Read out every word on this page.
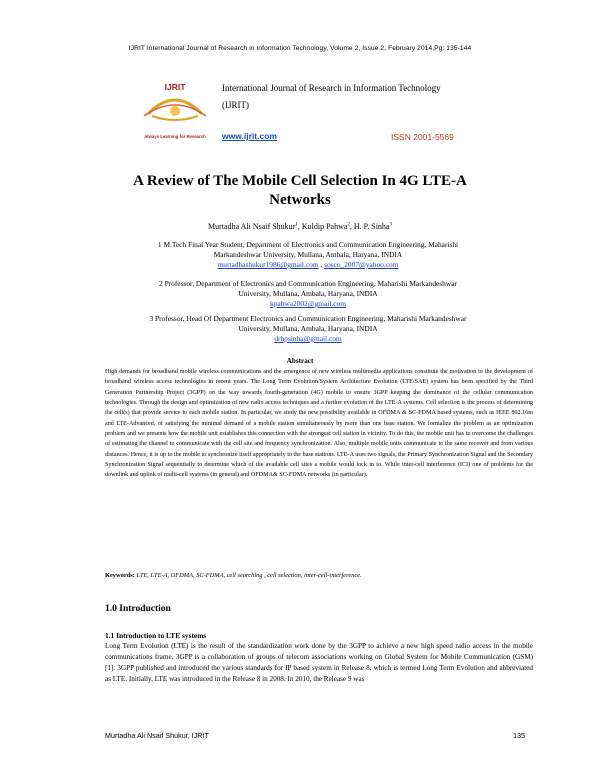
IJRIT International Journal of Research in Information Technology, Volume 2, Issue 2, February 2014,Pg: 135-144
IJRIT
Always Learning for Research
International Journal of Research in Information Technology
(IJRIT)
www.ijrit.com	ISSN 2001-5569
A Review of The Mobile Cell Selection In 4G LTE-A
Networks
Murtadha Ali Nsaif Shukur$^1$, Kuldip Pahwa$^2$, H. P. Sinha$^3$
1 M.Tech Final Year Student, Department of Electronics and Communication Engineering, Maharishi
Markandeshwar University, Mullana, Ambala, Haryana, INDIA
murtadhashukur1986@gmail.com , sosco_2007@yahoo.com
2 Professor, Department of Electronics and Communication Engineering, Maharishi Markandeshwar
University, Mullana, Ambala, Haryana, INDIA
kpahwa2002@gmail.com
3 Professor, Head Of Department Electronics and Communication Engineering, Maharishi Markandeshwar
University, Mullana, Ambala, Haryana, INDIA
drhpsinha@gmail.com
Abstract
High demands for broadband mobile wireless communications and the emergence of new wireless multimedia applications constitute the motivation to the development of broadband wireless access technologies in recent years. The Long Term Evolution/System Architecture Evolution (LTE/SAE) system has been specified by the Third Generation Partnership Project (3GPP) on the way towards fourth-generation (4G) mobile to ensure 3GPP keeping the dominance of the cellular communication technologies. Through the design and optimization of new radio access techniques and a further evolution of the LTE-A systems. Cell selection is the process of determining the cell(s) that provide service to each mobile station. In particular, we study the new possibility available in OFDMA & SC-FDMA based systems, such as IEEE 802.16m and LTE-Advanced, of satisfying the minimal demand of a mobile station simultaneously by more than one base station. We formalize the problem as an optimization problem and we presents how the mobile unit establishes this connection with the strongest cell station in vicinity. To do this, the mobile unit has to overcome the challenges of estimating the channel to communicate with the cell site and frequency synchronization. Also, multiple mobile units communicate to the same receiver and from various distances. Hence, it is up to the mobile to synchronize itself appropriately to the base stations. LTE-A uses two signals, the Primary Synchronization Signal and the Secondary Synchronization Signal sequentially to determine which of the available cell sites a mobile would lock in to. While inter-cell interference (ICI) one of problems for the downlink and uplink of multi-cell systems (in general) and OFDMA& SC-FDMA networks (in particular).
Keywords: LTE, LTE-A, OFDMA, SC-FDMA, cell searching , cell selection, inter-cell-interference.
1.0 Introduction
1.1 Introduction to LTE systems
Long Term Evolution (LTE) is the result of the standardization work done by the 3GPP to achieve a new high speed radio access in the mobile communications frame. 3GPP is a collaboration of groups of telecom associations working on Global System for Mobile Communication (GSM) [1]. 3GPP published and introduced the various standards for IP based system in Release 8, which is termed Long Term Evolution and abbreviated as LTE. Initially, LTE was introduced in the Release 8 in 2008. In 2010, the Release 9 was
Murtadha Ali Nsaif Shukur, IJRIT	135
